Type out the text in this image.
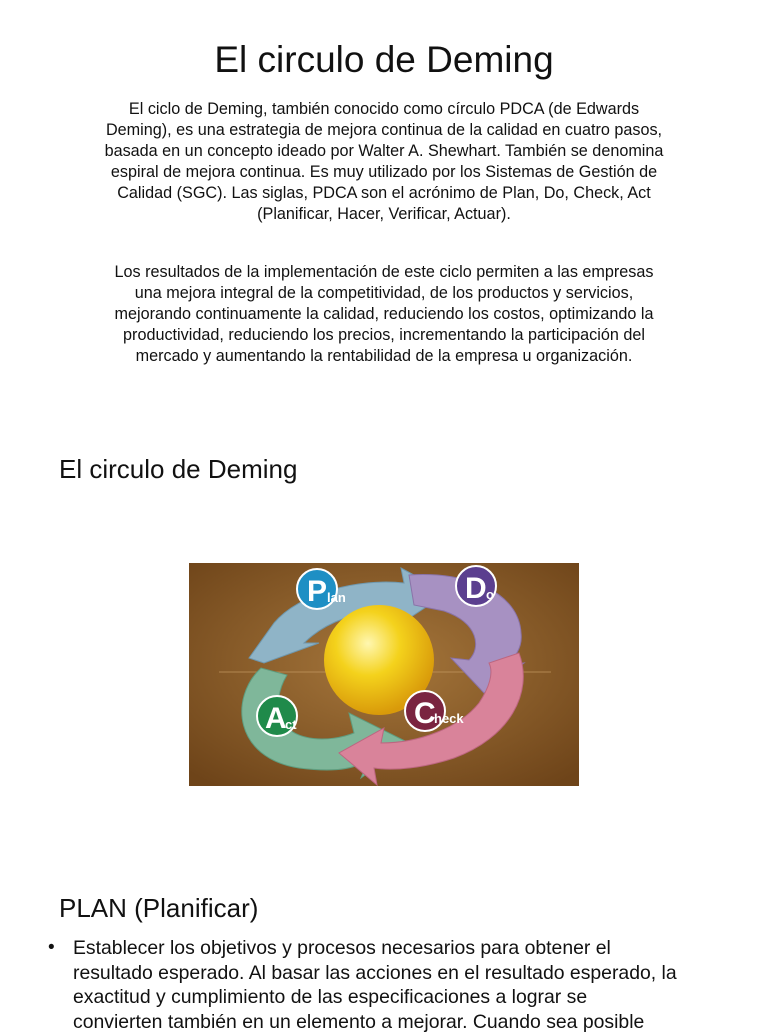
El circulo de Deming
El ciclo de Deming, también conocido como círculo PDCA (de Edwards Deming), es una estrategia de mejora continua de la calidad en cuatro pasos, basada en un concepto ideado por Walter A. Shewhart. También se denomina espiral de mejora continua. Es muy utilizado por los Sistemas de Gestión de Calidad (SGC). Las siglas, PDCA son el acrónimo de Plan, Do, Check, Act (Planificar, Hacer, Verificar, Actuar).
Los resultados de la implementación de este ciclo permiten a las empresas una mejora integral de la competitividad, de los productos y servicios, mejorando continuamente la calidad, reduciendo los costos, optimizando la productividad, reduciendo los precios, incrementando la participación del mercado y aumentando la rentabilidad de la empresa u organización.
El circulo de Deming
P lan	D o
A
ct	C
heck
PLAN (Planificar)
• Establecer los objetivos y procesos necesarios para obtener el
resultado esperado. Al basar las acciones en el resultado esperado, la
exactitud y cumplimiento de las especificaciones a lograr se
convierten también en un elemento a mejorar. Cuando sea posible
